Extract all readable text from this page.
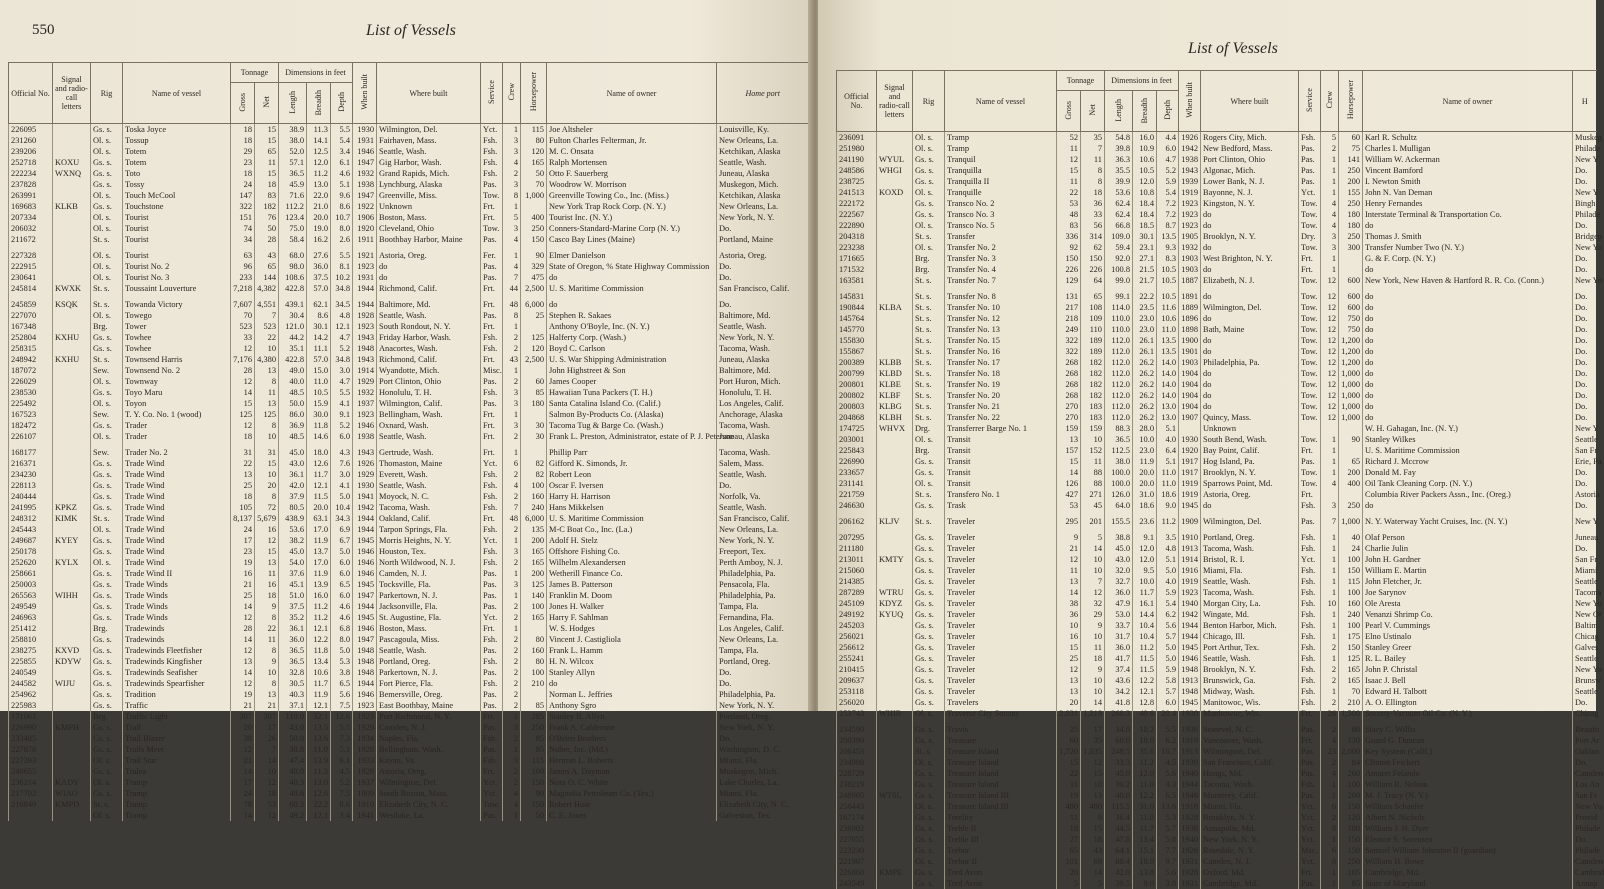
550	List of Vessels
Official No.	Signal and radio-call letters	Rig	Name of vessel	Tonnage		Dimensions in feet			When built	Where built	Service	Crew	Horsepower	Name of owner	Home port
				Gross	Net	Length	Breadth	Depth							
226095		Gs. s.	Toska Joyce	18	15	38.9	11.3	5.5	1930	Wilmington, Del.	Yct.	1	115	Joe Altsheler	Louisville, Ky.
231260		Ol. s.	Tossup	18	15	38.0	14.1	5.4	1931	Fairhaven, Mass.	Fsh.	3	80	Fulton Charles Felterman, Jr.	New Orleans, La.
239206		Ol. s.	Totem	29	65	52.0	12.5	3.4	1946	Seattle, Wash.	Fsh.	3	120	M. C. Onsata	Ketchikan, Alaska
252718	KOXU	Gs. s.	Totem	23	11	57.1	12.0	6.1	1947	Gig Harbor, Wash.	Fsh.	4	165	Ralph Mortensen	Seattle, Wash.
222234	WXNQ	Gs. s.	Toto	18	15	36.5	11.2	4.6	1932	Grand Rapids, Mich.	Fsh.	2	50	Otto F. Sauerberg	Juneau, Alaska
237828		Gs. s.	Tossy	24	18	45.9	13.0	5.1	1938	Lynchburg, Alaska	Pas.	3	70	Woodrow W. Morrison	Muskegon, Mich.
263991		Ol. s.	Touch McCool	147	83	71.6	22.0	9.6	1947	Greenville, Miss.	Tow.	8	1,000	Greenville Towing Co., Inc. (Miss.)	Ketchikan, Alaska
169683	KLKB	Gs. s.	Touchstone	322	182	112.2	21.0	8.6	1922	Unknown	Frt.	1		New York Trap Rock Corp. (N. Y.)	New Orleans, La.
207334		Ol. s.	Tourist	151	76	123.4	20.0	10.7	1906	Boston, Mass.	Frt.	5	400	Tourist Inc. (N. Y.)	New York, N. Y.
206032		Ol. s.	Tourist	74	50	75.0	19.0	8.0	1920	Cleveland, Ohio	Tow.	3	250	Conners-Standard-Marine Corp (N. Y.)	Do.
211672		St. s.	Tourist	34	28	58.4	16.2	2.6	1911	Boothbay Harbor, Maine	Pas.	4	150	Casco Bay Lines (Maine)	Portland, Maine

227328		Ol. s.	Tourist	63	43	68.0	27.6	5.5	1921	Astoria, Oreg.	Fer.	1	90	Elmer Danielson	Astoria, Oreg.
222915		Ol. s.	Tourist No. 2	96	65	98.0	36.0	8.1	1923	do	Pas.	4	329	State of Oregon, % State Highway Commission	Do.
230641		Ol. s.	Tourist No. 3	233	144	108.6	37.5	10.2	1931	do	Pas.	7	475	do	Do.
245814	KWXK	St. s.	Toussaint Louverture	7,218	4,382	422.8	57.0	34.8	1944	Richmond, Calif.	Frt.	44	2,500	U. S. Maritime Commission	San Francisco, Calif.

245859	KSQK	St. s.	Towanda Victory	7,607	4,551	439.1	62.1	34.5	1944	Baltimore, Md.	Frt.	48	6,000	do	Do.
227070		Ol. s.	Towego	70	7	30.4	8.6	4.8	1928	Seattle, Wash.	Pas.	8	25	Stephen R. Sakaes	Baltimore, Md.
167348		Brg.	Tower	523	523	121.0	30.1	12.1	1923	South Rondout, N. Y.	Frt.	1		Anthony O'Boyle, Inc. (N. Y.)	Seattle, Wash.
252804	KXHU	Gs. s.	Towhee	33	22	44.2	14.2	4.7	1943	Friday Harbor, Wash.	Fsh.	2	125	Halferty Corp. (Wash.)	New York, N. Y.
258315		Gs. s.	Towhee	12	10	35.1	11.1	5.2	1948	Anacortes, Wash.	Fsh.	2	120	Boyd C. Carlson	Tacoma, Wash.
248942	KXHU	St. s.	Townsend Harris	7,176	4,380	422.8	57.0	34.8	1943	Richmond, Calif.	Frt.	43	2,500	U. S. War Shipping Administration	Juneau, Alaska
187072		Sew.	Townsend No. 2	28	13	49.0	15.0	3.0	1914	Wyandotte, Mich.	Misc.	1		John Highstreet & Son	Baltimore, Md.
226029		Ol. s.	Townway	12	8	40.0	11.0	4.7	1929	Port Clinton, Ohio	Pas.	2	60	James Cooper	Port Huron, Mich.
238530		Gs. s.	Toyo Maru	14	11	48.5	10.5	5.5	1932	Honolulu, T. H.	Fsh.	3	85	Hawaiian Tuna Packers (T. H.)	Honolulu, T. H.
225492		Ol. s.	Toyon	15	13	50.0	15.9	4.1	1937	Wilmington, Calif.	Pas.	3	180	Santa Catalina Island Co. (Calif.)	Los Angeles, Calif.
167523		Sew.	T. Y. Co. No. 1 (wood)	125	125	86.0	30.0	9.1	1923	Bellingham, Wash.	Frt.	1		Salmon By-Products Co. (Alaska)	Anchorage, Alaska
182472		Gs. s.	Trader	12	8	36.9	11.8	5.2	1946	Oxnard, Wash.	Frt.	3	30	Tacoma Tug & Barge Co. (Wash.)	Tacoma, Wash.
226107		Ol. s.	Trader	18	10	48.5	14.6	6.0	1938	Seattle, Wash.	Frt.	2	30	Frank L. Preston, Administrator, estate of P. J. Peterson	Juneau, Alaska

168177		Sew.	Trader No. 2	31	31	45.0	18.0	4.3	1943	Gertrude, Wash.	Frt.	1		Phillip Parr	Tacoma, Wash.
216371		Gs. s.	Trade Wind	22	15	43.0	12.6	7.6	1926	Thomaston, Maine	Yct.	6	82	Gifford K. Simonds, Jr.	Salem, Mass.
234230		Gs. s.	Trade Wind	13	10	36.1	11.7	3.0	1929	Everett, Wash.	Fsh.	2	82	Robert Leon	Seattle, Wash.
228113		Gs. s.	Trade Wind	25	20	42.0	12.1	4.1	1930	Seattle, Wash.	Fsh.	4	100	Oscar F. Iversen	Do.
240444		Gs. s.	Trade Wind	18	8	37.9	11.5	5.0	1941	Moyock, N. C.	Fsh.	2	160	Harry H. Harrison	Norfolk, Va.
241995	KPKZ	Gs. s.	Trade Wind	105	72	80.5	20.0	10.4	1942	Tacoma, Wash.	Fsh.	7	240	Hans Mikkelsen	Seattle, Wash.
248312	KIMK	St. s.	Trade Wind	8,137	5,679	438.9	63.1	34.3	1944	Oakland, Calif.	Frt.	48	6,000	U. S. Maritime Commission	San Francisco, Calif.
245443		Ol. s.	Trade Wind	24	16	53.6	17.0	6.9	1944	Tarpon Springs, Fla.	Fsh.	2	135	M-C Boat Co., Inc. (La.)	New Orleans, La.
249687	KYEY	Gs. s.	Trade Wind	17	12	38.2	11.9	6.7	1945	Morris Heights, N. Y.	Yct.	1	200	Adolf H. Stelz	New York, N. Y.
250178		Gs. s.	Trade Wind	23	15	45.0	13.7	5.0	1946	Houston, Tex.	Fsh.	3	165	Offshore Fishing Co.	Freeport, Tex.
252620	KYLX	Ol. s.	Trade Wind	19	13	54.0	17.0	6.0	1946	North Wildwood, N. J.	Fsh.	2	165	Wilhelm Alexandersen	Perth Amboy, N. J.
258661		Gs. s.	Trade Wind II	16	11	37.6	11.9	6.0	1946	Camden, N. J.	Pas.	1	200	Wetherill Finance Co.	Philadelphia, Pa.
250003		Gs. s.	Trade Winds	21	16	45.1	13.9	6.5	1945	Tocksville, Fla.	Pas.	3	125	James B. Patterson	Pensacola, Fla.
265563	WIHH	Gs. s.	Trade Winds	25	18	51.0	16.0	6.0	1947	Parkertown, N. J.	Pas.	1	140	Franklin M. Doom	Philadelphia, Pa.
249549		Gs. s.	Trade Winds	14	9	37.5	11.2	4.6	1944	Jacksonville, Fla.	Pas.	2	100	Jones H. Walker	Tampa, Fla.
246963		Gs. s.	Trade Winds	12	8	35.2	11.2	4.6	1945	St. Augustine, Fla.	Yct.	2	165	Harry F. Sahlman	Fernandina, Fla.
251412		Brg.	Tradewinds	28	22	36.1	12.1	6.8	1946	Boston, Mass.	Frt.	1		W. S. Hodges	Los Angeles, Calif.
258810		Gs. s.	Tradewinds	14	11	36.0	12.2	8.0	1947	Pascagoula, Miss.	Fsh.	2	80	Vincent J. Castigliola	New Orleans, La.
238275	KXVD	Gs. s.	Tradewinds Fleetfisher	12	8	36.5	11.8	5.0	1948	Seattle, Wash.	Pas.	2	160	Frank L. Hamm	Tampa, Fla.
225855	KDYW	Gs. s.	Tradewinds Kingfisher	13	9	36.5	13.4	5.3	1948	Portland, Oreg.	Fsh.	2	80	H. N. Wilcox	Portland, Oreg.
240549		Gs. s.	Tradewinds Seafisher	14	10	32.8	10.6	3.8	1948	Parkertown, N. J.	Pas.	2	100	Stanley Allyn	Do.
244582	WIJU	Gs. s.	Tradewinds Spearfisher	12	8	30.5	11.7	6.5	1944	Fort Pierce, Fla.	Fsh.	2	210	do	Do.
254962		Gs. s.	Tradition	19	13	40.3	11.9	5.6	1946	Bemersville, Oreg.	Pas.	2		Norman L. Jeffries	Philadelphia, Pa.
225983		Gs. s.	Traffic	21	21	37.1	12.1	7.5	1923	East Boothbay, Maine	Pas.	2	85	Anthony Sgro	New York, N. Y.
171061		Brg.	Traffic Light	307	307	110.0	32.1	12.6	1923	Port Richmond, N. Y.	Frt.	1	285	Stanley R. Allyn	Portland, Oreg.
226990	KMPH	Gs. s.	Trail	20	17	43.0	13.5	5.5	1929	Camden, N. J.	Pas.	3	250	Frank A. Calderone	New York, N. Y.
233485		Gs. s.	Trail Blazer	38	26	50.0	13.6	7.3	1934	Naples, Fla.	Fsh.	2	85	O'Brien Brothers	Do.
227878		Gs. s.	Trails Meet	12	7	30.8	11.0	5.1	1928	Bellingham, Wash.	Pas.	1	85	Nuber, Inc. (Md.)	Washington, D. C.
227393		Ol. s.	Trail Star	21	14	47.4	13.9	6.1	1933	Kayan, Va.	Fsh.	3	115	Herman L. Roberts	Miami, Fla.
240655		Gs. s.	Tralea	14	10	40.0	11.3	4.5	1928	Astoria, Oreg.	Frt.	2	100	James A. Dayman	Muskegon, Mich.
236214	KADY	Ol. s.	Tramp	17	12	40.3	13.0	5.2	1937	Wilmington, Del.	Yct.	2	150	Nora O. C. White	Lake Charles, La.
217702	WIAO	Gs. s.	Tramp	24	18	48.6	12.6	7.5	1909	South Boston, Mass.	Yct.	4	90	Magnolia Petroleum Co. (Tex.)	Miami, Fla.
216849	KMPD	St. s.	Tramp	78	53	68.2	22.2	8.6	1910	Elizabeth City, N. C.	Tow.	4	150	Robert Hoar	Elizabeth City, N. C.
		Ol. s.	Tramp	14	12	49.2	12.1	3.4	1941	Westlake, La.	Pas.	1	50	C. E. Jones	Galveston, Tex.
List of Vessels
Official No.	Signal and radio-call letters	Rig	Name of vessel	Tonnage		Dimensions in feet			When built	Where built	Service	Crew	Horsepower	Name of owner	H
				Gross	Net	Length	Breadth	Depth							
236091		Ol. s.	Tramp	52	35	54.8	16.0	4.4	1926	Rogers City, Mich.	Fsh.	5	60	Karl R. Schultz	Muskeg
251980		Ol. s.	Tramp	11	7	39.8	10.9	6.0	1942	New Bedford, Mass.	Pas.	2	75	Charles I. Mulligan	Philade
241190	WYUL	Gs. s.	Tranquil	12	11	36.3	10.6	4.7	1938	Port Clinton, Ohio	Pas.	1	141	William W. Ackerman	New Y
248586	WHGI	Gs. s.	Tranquilla	15	8	35.5	10.5	5.2	1943	Algonac, Mich.	Pas.	1	250	Vincent Bamford	Do.
238725		Gs. s.	Tranquilla II	11	8	39.9	12.0	5.9	1939	Lower Bank, N. J.	Pas.	1	200	I. Newton Smith	Do.
241513	KOXD	Ol. s.	Tranquille	22	18	53.6	10.8	5.4	1919	Bayonne, N. J.	Yct.	1	155	John N. Van Deman	New Y
222172		Gs. s.	Transco No. 2	53	36	62.4	18.4	7.2	1923	Kingston, N. Y.	Tow.	4	250	Henry Fernandes	Bingh
222567		Gs. s.	Transco No. 3	48	33	62.4	18.4	7.2	1923	do	Tow.	4	180	Interstate Terminal & Transportation Co.	Philade
222890		Ol. s.	Transco No. 5	83	56	66.8	18.5	8.7	1923	do	Tow.	4	180	do	Do.
204318		St. s.	Transfer	336	314	109.0	30.1	13.5	1905	Brooklyn, N. Y.	Dry.	3	250	Thomas J. Smith	Bridgep
223238		Ol. s.	Transfer No. 2	92	62	59.4	23.1	9.3	1932	do	Tow.	3	300	Transfer Number Two (N. Y.)	New Yo
171665		Brg.	Transfer No. 3	150	150	92.0	27.1	8.3	1903	West Brighton, N. Y.	Frt.	1		G. & F. Corp. (N. Y.)	Do.
171532		Brg.	Transfer No. 4	226	226	100.8	21.5	10.5	1903	do	Frt.	1		do	Do.
163581		St. s.	Transfer No. 7	129	64	99.0	21.7	10.5	1887	Elizabeth, N. J.	Tow.	12	600	New York, New Haven & Hartford R. R. Co. (Conn.)	New Yo

145831		St. s.	Transfer No. 8	131	65	99.1	22.2	10.5	1891	do	Tow.	12	600	do	Do.
190844	KLBA	St. s.	Transfer No. 10	217	108	114.0	23.5	11.6	1889	Wilmington, Del.	Tow.	12	600	do	Do.
145764		St. s.	Transfer No. 12	218	109	110.0	23.0	10.6	1896	do	Tow.	12	750	do	Do.
145770		St. s.	Transfer No. 13	249	110	110.0	23.0	11.0	1898	Bath, Maine	Tow.	12	750	do	Do.
155830		St. s.	Transfer No. 15	322	189	112.0	26.1	13.5	1900	do	Tow.	12	1,200	do	Do.
155867		St. s.	Transfer No. 16	322	189	112.0	26.1	13.5	1901	do	Tow.	12	1,200	do	Do.
200389	KLBB	St. s.	Transfer No. 17	268	182	112.0	26.2	14.0	1903	Philadelphia, Pa.	Tow.	12	1,200	do	Do.
200799	KLBD	St. s.	Transfer No. 18	268	182	112.0	26.2	14.0	1904	do	Tow.	12	1,000	do	Do.
200801	KLBE	St. s.	Transfer No. 19	268	182	112.0	26.2	14.0	1904	do	Tow.	12	1,000	do	Do.
200802	KLBF	St. s.	Transfer No. 20	268	182	112.0	26.2	14.0	1904	do	Tow.	12	1,000	do	Do.
200803	KLBG	St. s.	Transfer No. 21	270	183	112.0	26.2	13.0	1904	do	Tow.	12	1,000	do	Do.
204868	KLBH	St. s.	Transfer No. 22	270	183	112.0	26.2	13.0	1907	Quincy, Mass.	Tow.	12	1,000	do	Do.
174725	WHVX	Drg.	Transferrer Barge No. 1	159	159	88.3	28.0	5.1		Unknown				W. H. Gahagan, Inc. (N. Y.)	New Y
203001		Ol. s.	Transit	13	10	36.5	10.0	4.0	1930	South Bend, Wash.	Tow.	1	90	Stanley Wilkes	Seattle
225843		Brg.	Transit	157	152	112.5	23.0	6.4	1920	Bay Point, Calif.	Frt.	1		U. S. Maritime Commission	San Fr
226990		Gs. s.	Transit	15	11	38.0	11.9	5.1	1917	Hog Island, Pa.	Pas.	1	65	Richard J. Mccrow	Erie, Pa.
233657		Gs. s.	Transit	14	88	100.0	20.0	11.0	1917	Brooklyn, N. Y.	Tow.	1	200	Donald M. Fay	Do.
231141		Ol. s.	Transit	126	88	100.0	20.0	11.0	1919	Sparrows Point, Md.	Tow.	4	400	Oil Tank Cleaning Corp. (N. Y.)	Do.
221759		St. s.	Transfero No. 1	427	271	126.0	31.0	18.6	1919	Astoria, Oreg.	Frt.			Columbia River Packers Assn., Inc. (Oreg.)	Astoria
246630		Gs. s.	Trask	53	45	64.0	18.6	9.0	1945	do	Fsh.	3	250	do	Do.

206162	KLJV	St. s.	Traveler	295	201	155.5	23.6	11.2	1909	Wilmington, Del.	Pas.	7	1,000	N. Y. Waterway Yacht Cruises, Inc. (N. Y.)	New Y

207295		Gs. s.	Traveler	9	5	38.8	9.1	3.5	1910	Portland, Oreg.	Fsh.	1	40	Olaf Person	Juneau
211180		Gs. s.	Traveler	21	14	45.0	12.0	4.8	1913	Tacoma, Wash.	Fsh.	1	24	Charlie Julin	Do.
213011	KMTY	Gs. s.	Traveler	12	10	43.0	12.0	5.1	1914	Bristol, R. I.	Yct.	1	100	John H. Gardner	San Fr
215060		Gs. s.	Traveler	11	10	32.0	9.5	5.0	1916	Miami, Fla.	Fsh.	1	150	William E. Martin	Miami
214385		Gs. s.	Traveler	13	7	32.7	10.0	4.0	1919	Seattle, Wash.	Fsh.	1	115	John Fletcher, Jr.	Seattle
287289	WTRU	Gs. s.	Traveler	14	12	36.0	11.7	5.9	1923	Tacoma, Wash.	Fsh.	1	100	Joe Sarynov	Tacoma
245109	KDYZ	Gs. s.	Traveler	38	32	47.9	16.1	5.4	1940	Morgan City, La.	Fsh.	10	160	Ole Aresta	New Yo
249192	KYUQ	Gs. s.	Traveler	36	29	53.0	14.4	6.2	1942	Wingate, Md.	Fsh.	1	240	Venanzi Shrimp Co.	New Or
245203		Gs. s.	Traveler	10	9	33.7	10.4	5.6	1944	Benton Harbor, Mich.	Fsh.	1	100	Pearl V. Cummings	Baltim
256021		Gs. s.	Traveler	16	10	31.7	10.4	5.7	1944	Chicago, Ill.	Fsh.	1	175	Elno Ustinalo	Chicag
256612		Gs. s.	Traveler	15	11	36.0	11.2	5.0	1945	Port Arthur, Tex.	Fsh.	2	150	Stanley Greer	Galves
255241		Gs. s.	Traveler	25	18	41.7	11.5	5.0	1946	Seattle, Wash.	Fsh.	1	125	R. L. Bailey	Seattle
210415		Gs. s.	Traveler	12	9	37.4	11.5	5.9	1948	Brooklyn, N. Y.	Fsh.	2	165	John P. Christal	New Yo
209637		Gs. s.	Traveler	13	10	43.6	12.2	5.8	1913	Brunswick, Ga.	Fsh.	2	165	Isaac J. Bell	Brunsw
253118		Gs. s.	Traveler	13	10	34.2	12.1	5.7	1948	Midway, Wash.	Fsh.	1	70	Edward H. Talbott	Seattle
256020		Gs. s.	Travelers	20	14	41.8	12.8	6.0	1945	Manitowoc, Wis.	Fsh.	2	210	A. O. Ellington	Do.
253743	WHIB	Ol. s.	Traverse City Socony	2,031	1,219	260.3	49.6	20.4	1930	Manitowoc, Wis.	Frt.	26	1,500	Socony-Vacuum Oil Co. (N. Y.)	Chicag

234590		Gs. s.	Travis	25	17	34.0	10.2	5.5	1936	Seatevel, N. C.	Pas.	2	80	Stacy C. Willis	Beaufo
200390		Gs. s.	Treasure	60	35	60.0	18.0	6.2	1919	Vancouver, Wash.	Frt.	4	130	Guard G. Duncan	Port Ar
206453		St. s.	Treasure Island	1,720	1,035	248.5	35.6	10.7	1913	Wilmington, Del.	Pas.	23	2,000	Key System (Calif.)	Oaklan
234998		Ol. s.	Treasure Island	15	12	33.3	11.2	4.5	1939	San Francisco, Calif.	Pas.	2	84	Clinton Feickert	Do.
228729		Gs. s.	Treasure Island	22	15	45.0	12.0	5.6	1940	Hongs, Md.	Pas.	4	260	Amuret Felando	Camden
238219		Gs. s.	Treasure Island	11	10	30.2	11.0	4.3	1944	Tacoma, Wash.	Fsh.	1	100	William R. Nelson	Los An
248905	WTSL	Gs. s.	Treasure Island III	19	13	40.0	12.2	6.5	1946	Monterey, Calif.	Pas.	1	200	M. J. Tracy (N. Y.)	San Fr
256443		Ol. s.	Treasure Island III	480	480	115.5	31.0	13.6	1918	Miami, Fla.	Yct.	6	150	William Schaefer	New Yo
167174		Gs. s.	Treelity	11	9	36.4	11.0	5.3	1928	Brooklyn, N. Y.	Yct.	2	120	Albert N. Nichols	Provid
236902		Gs. s.	Treble II	18	15	44.5	11.7	5.7	1936	Annapolis, Md.	Yct.	8	180	William J. H. Dyer	Philade
227855		Gs. s.	Treble III	27	18	47.8	13.4	5.8	1940	New York, N. Y.	Yct.	1	150	Eleanor S. Sorensen	Do.
223230		Gs. s.	Trebor	65	43	64.1	15.1	7.7	1926	Rosedale, N. Y.	Msc.	6	150	Samuel William Johnston II (guardian)	Philade
221907		Ol. s.	Trebor II	101	69	80.4	18.0	9.7	1931	Camden, N. J.	Yct.	8	250	William H. Bowe	Camden
226860	KMPE	Gs. s.	Tred Avon	20	14	42.0	13.8	5.6	1928	Oxford, Md.	Frt.	1	165	Cambridge, Md.	Cambrid
243549		Gs. s.	Tred Avon	5	5	39.5	9.0	3.8	1931	Cambridge, Md.	Pas.	1	85	State of Maryland	Annap
